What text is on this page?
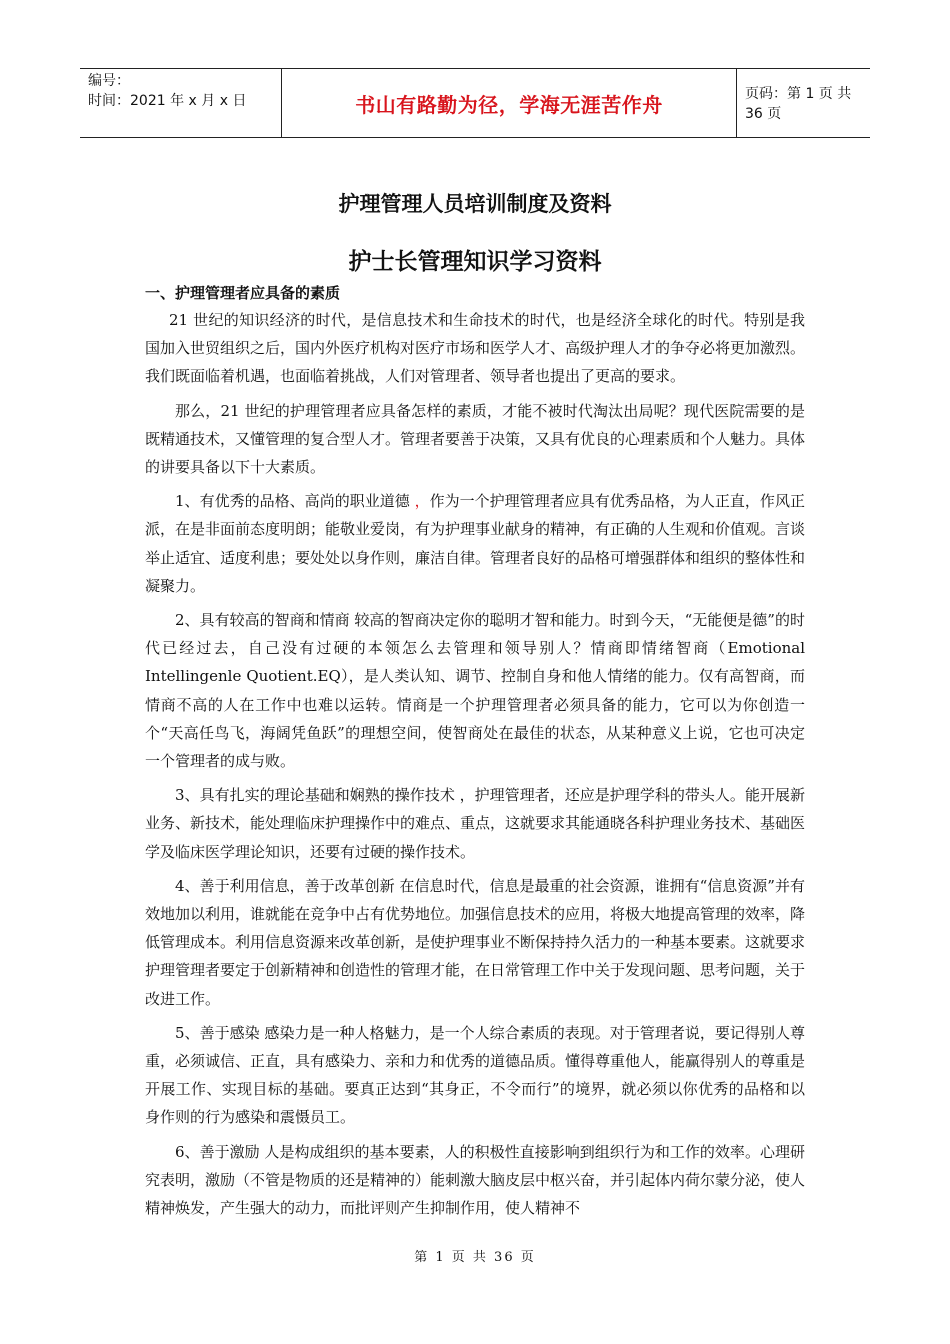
编号：
时间：2021 年 x 月 x 日	书山有路勤为径，学海无涯苦作舟	页码：第 1 页 共 36 页
护理管理人员培训制度及资料
护士长管理知识学习资料
一、护理管理者应具备的素质

21 世纪的知识经济的时代，是信息技术和生命技术的时代，也是经济全球化的时代。特别是我国加入世贸组织之后，国内外医疗机构对医疗市场和医学人才、高级护理人才的争夺必将更加激烈。我们既面临着机遇，也面临着挑战，人们对管理者、领导者也提出了更高的要求。

那么，21 世纪的护理管理者应具备怎样的素质，才能不被时代淘汰出局呢？现代医院需要的是既精通技术，又懂管理的复合型人才。管理者要善于决策，又具有优良的心理素质和个人魅力。具体的讲要具备以下十大素质。

1、有优秀的品格、高尚的职业道德 ，作为一个护理管理者应具有优秀品格，为人正直，作风正派，在是非面前态度明朗；能敬业爱岗，有为护理事业献身的精神，有正确的人生观和价值观。言谈举止适宜、适度利患；要处处以身作则，廉洁自律。管理者良好的品格可增强群体和组织的整体性和凝聚力。

2、具有较高的智商和情商 较高的智商决定你的聪明才智和能力。时到今天，“无能便是德”的时代已经过去，自己没有过硬的本领怎么去管理和领导别人？情商即情绪智商（Emotional Intellingenle Quotient.EQ），是人类认知、调节、控制自身和他人情绪的能力。仅有高智商，而情商不高的人在工作中也难以运转。情商是一个护理管理者必须具备的能力，它可以为你创造一个“天高任鸟飞，海阔凭鱼跃”的理想空间，使智商处在最佳的状态，从某种意义上说，它也可决定一个管理者的成与败。

3、具有扎实的理论基础和娴熟的操作技术 ，护理管理者，还应是护理学科的带头人。能开展新业务、新技术，能处理临床护理操作中的难点、重点，这就要求其能通晓各科护理业务技术、基础医学及临床医学理论知识，还要有过硬的操作技术。

4、善于利用信息，善于改革创新 在信息时代，信息是最重的社会资源，谁拥有“信息资源”并有效地加以利用，谁就能在竞争中占有优势地位。加强信息技术的应用，将极大地提高管理的效率，降低管理成本。利用信息资源来改革创新，是使护理事业不断保持持久活力的一种基本要素。这就要求护理管理者要定于创新精神和创造性的管理才能，在日常管理工作中关于发现问题、思考问题，关于改进工作。

5、善于感染 感染力是一种人格魅力，是一个人综合素质的表现。对于管理者说，要记得别人尊重，必须诚信、正直，具有感染力、亲和力和优秀的道德品质。懂得尊重他人，能赢得别人的尊重是开展工作、实现目标的基础。要真正达到“其身正，不令而行”的境界，就必须以你优秀的品格和以身作则的行为感染和震慑员工。

6、善于激励 人是构成组织的基本要素，人的积极性直接影响到组织行为和工作的效率。心理研究表明，激励（不管是物质的还是精神的）能刺激大脑皮层中枢兴奋，并引起体内荷尔蒙分泌，使人精神焕发，产生强大的动力，而批评则产生抑制作用，使人精神不

第 1 页 共 36 页
